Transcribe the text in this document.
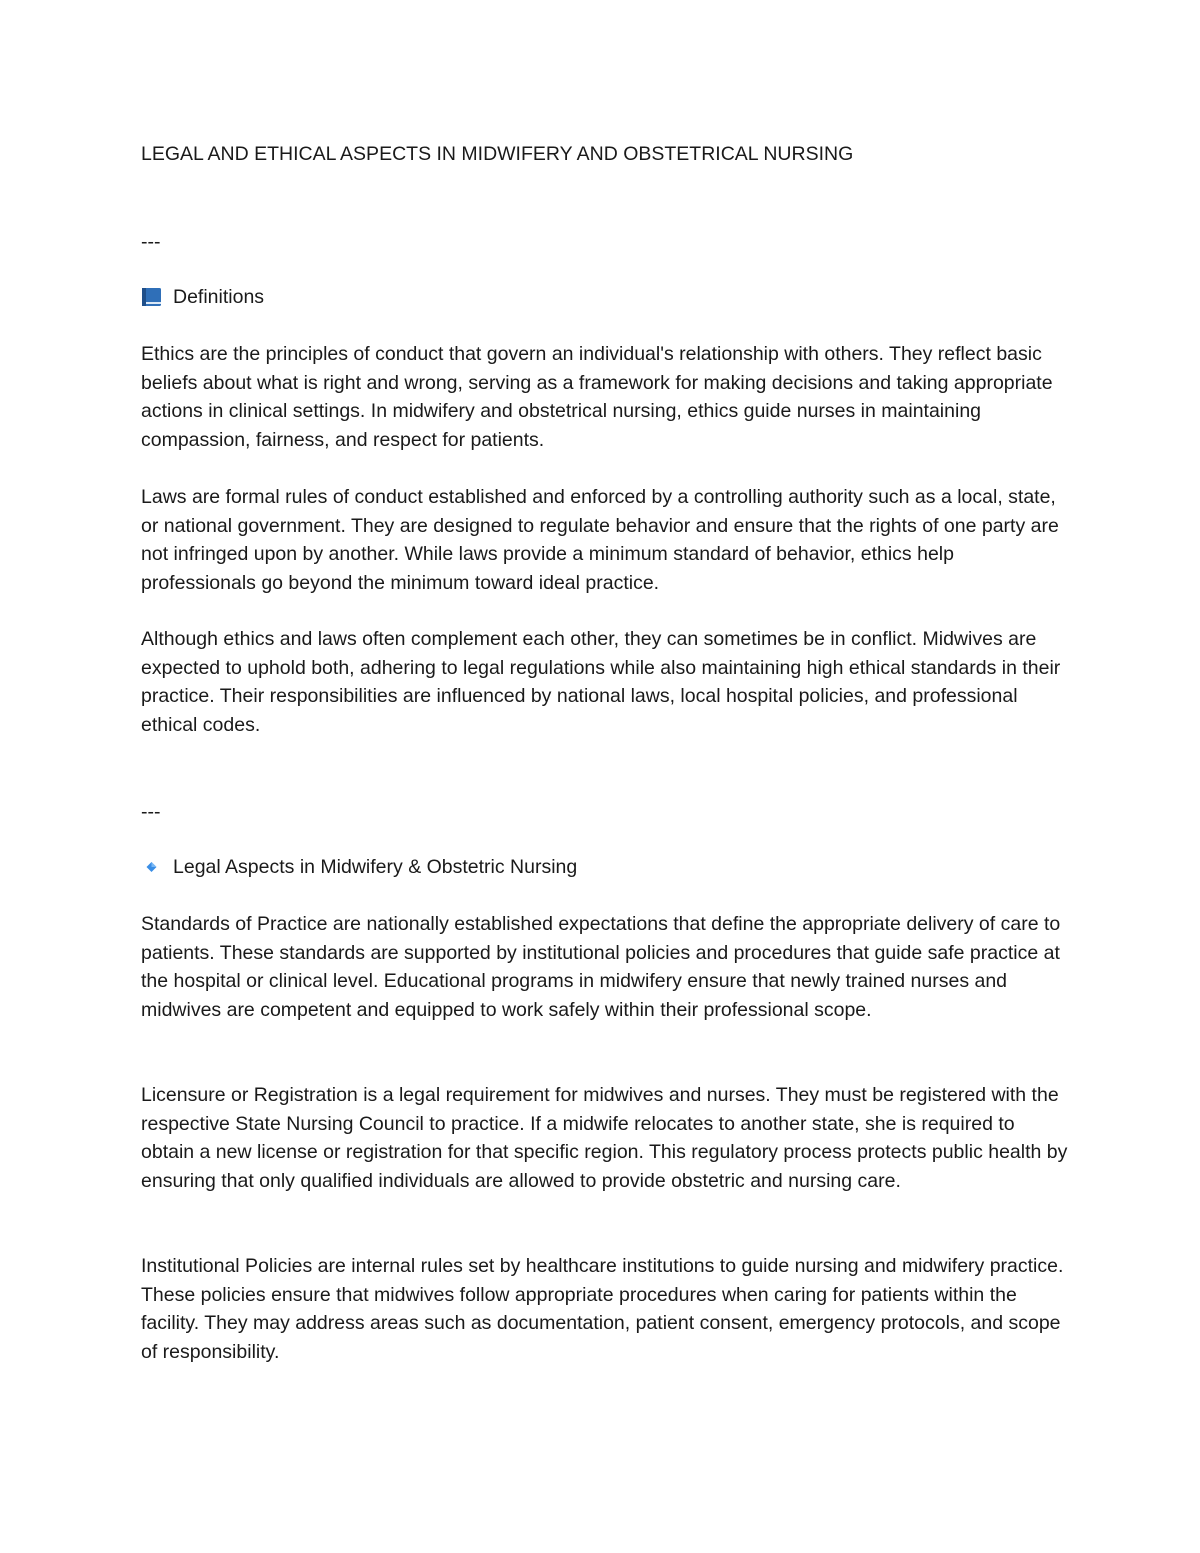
LEGAL AND ETHICAL ASPECTS IN MIDWIFERY AND OBSTETRICAL NURSING

---

Definitions

Ethics are the principles of conduct that govern an individual's relationship with others. They reflect basic beliefs about what is right and wrong, serving as a framework for making decisions and taking appropriate actions in clinical settings. In midwifery and obstetrical nursing, ethics guide nurses in maintaining compassion, fairness, and respect for patients.

Laws are formal rules of conduct established and enforced by a controlling authority such as a local, state, or national government. They are designed to regulate behavior and ensure that the rights of one party are not infringed upon by another. While laws provide a minimum standard of behavior, ethics help professionals go beyond the minimum toward ideal practice.

Although ethics and laws often complement each other, they can sometimes be in conflict. Midwives are expected to uphold both, adhering to legal regulations while also maintaining high ethical standards in their practice. Their responsibilities are influenced by national laws, local hospital policies, and professional ethical codes.

---

Legal Aspects in Midwifery & Obstetric Nursing

Standards of Practice are nationally established expectations that define the appropriate delivery of care to patients. These standards are supported by institutional policies and procedures that guide safe practice at the hospital or clinical level. Educational programs in midwifery ensure that newly trained nurses and midwives are competent and equipped to work safely within their professional scope.

Licensure or Registration is a legal requirement for midwives and nurses. They must be registered with the respective State Nursing Council to practice. If a midwife relocates to another state, she is required to obtain a new license or registration for that specific region. This regulatory process protects public health by ensuring that only qualified individuals are allowed to provide obstetric and nursing care.

Institutional Policies are internal rules set by healthcare institutions to guide nursing and midwifery practice. These policies ensure that midwives follow appropriate procedures when caring for patients within the facility. They may address areas such as documentation, patient consent, emergency protocols, and scope of responsibility.
